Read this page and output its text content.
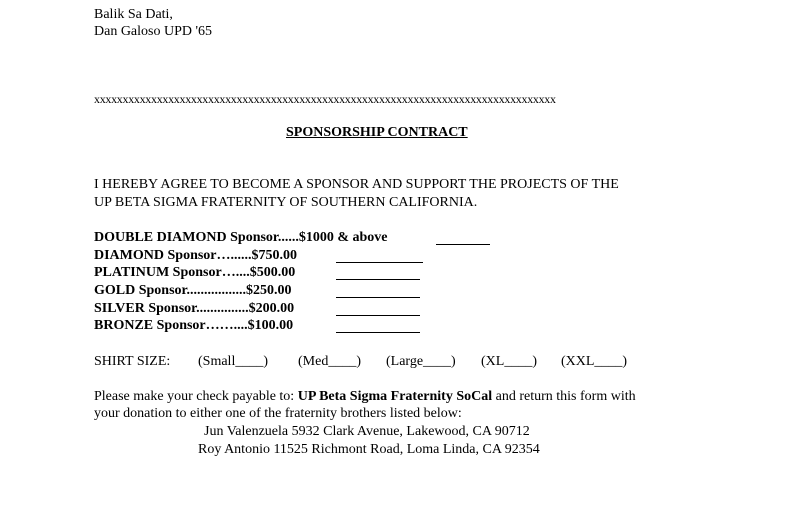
Balik Sa Dati,
Dan Galoso UPD '65
xxxxxxxxxxxxxxxxxxxxxxxxxxxxxxxxxxxxxxxxxxxxxxxxxxxxxxxxxxxxxxxxxxxxxxxxxxxxxxxxx
SPONSORSHIP CONTRACT
I HEREBY AGREE TO BECOME A SPONSOR AND SUPPORT THE PROJECTS OF THE
UP BETA SIGMA FRATERNITY OF SOUTHERN CALIFORNIA.
DOUBLE DIAMOND Sponsor......$1000 & above
DIAMOND Sponsor…......$750.00
PLATINUM Sponsor…....$500.00
GOLD Sponsor.................$250.00
SILVER Sponsor...............$200.00
BRONZE Sponsor……....$100.00
SHIRT SIZE: (Small____) (Med____) (Large____) (XL____) (XXL____)
Please make your check payable to: UP Beta Sigma Fraternity SoCal and return this form with
your donation to either one of the fraternity brothers listed below:
Jun Valenzuela 5932 Clark Avenue, Lakewood, CA 90712
Roy Antonio 11525 Richmont Road, Loma Linda, CA 92354
